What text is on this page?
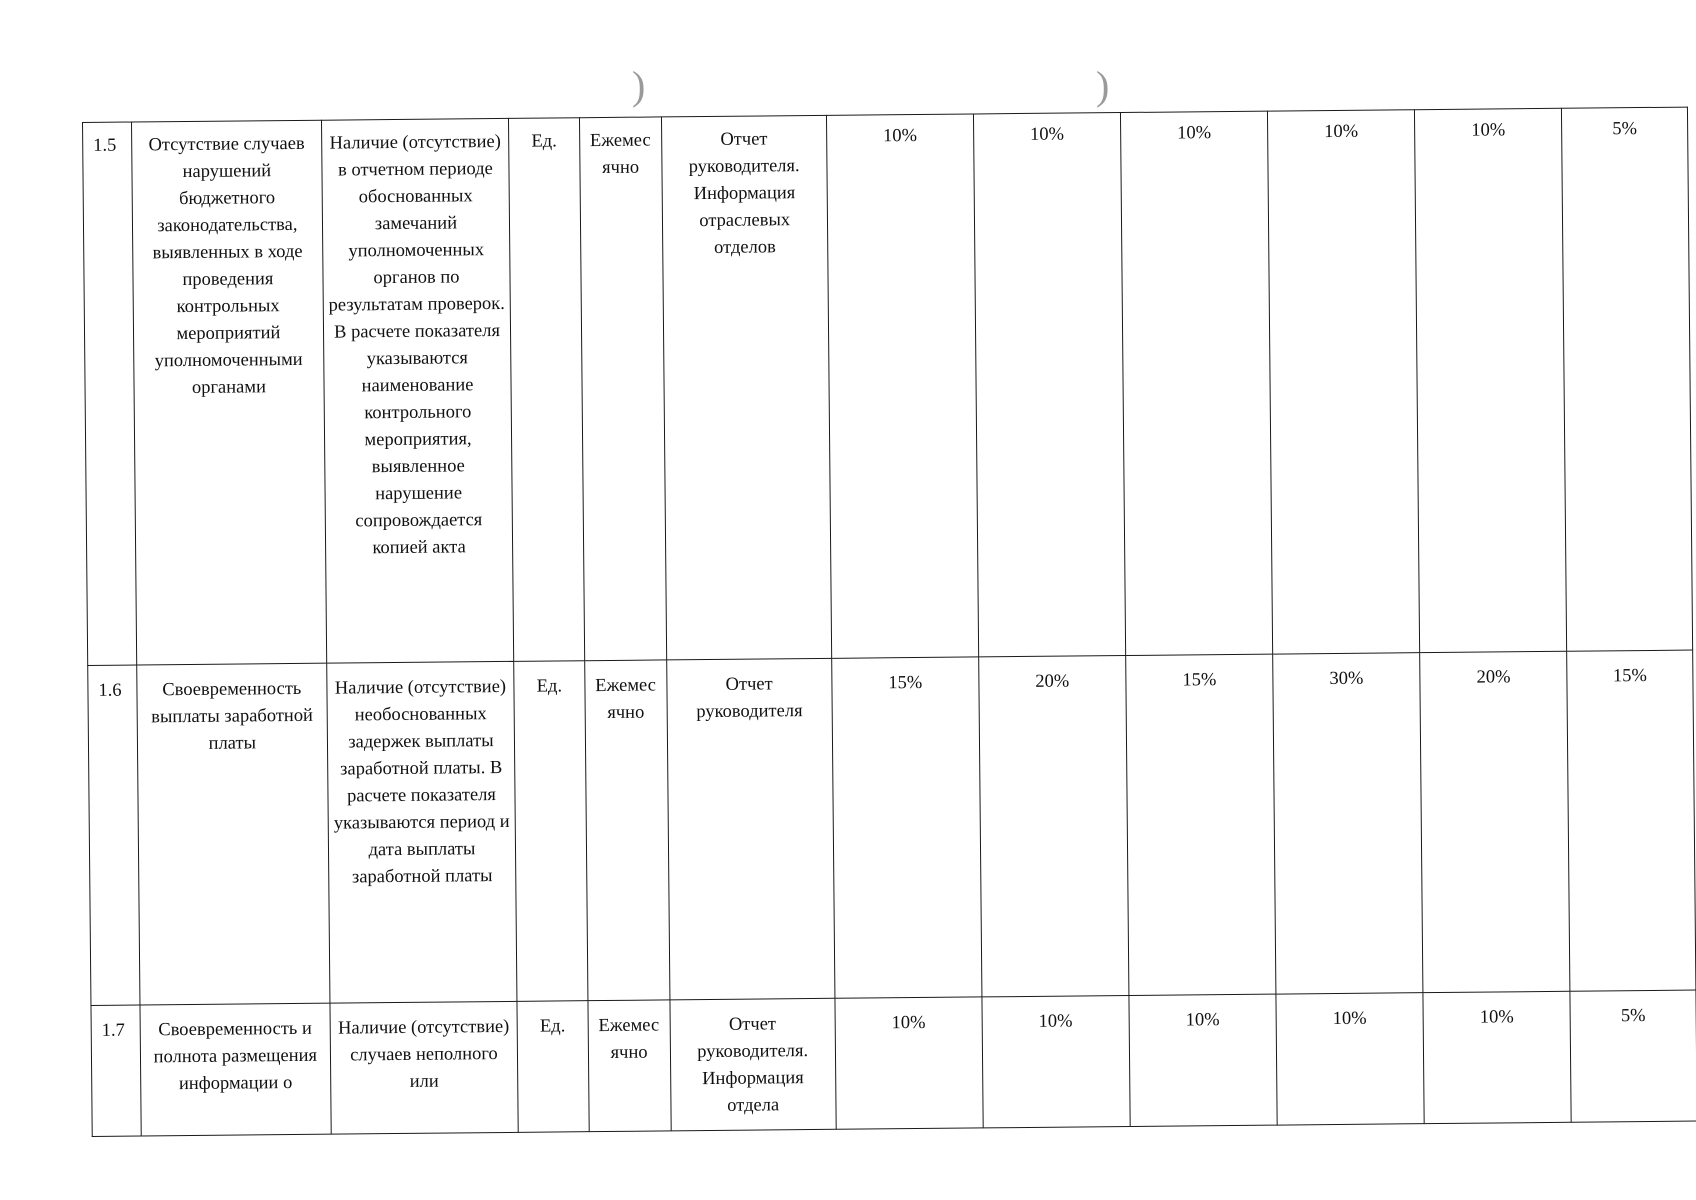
)	)
1.5	Отсутствие случаев нарушений бюджетного законодательства, выявленных в ходе проведения контрольных мероприятий уполномоченными органами	Наличие (отсутствие) в отчетном периоде обоснованных замечаний уполномоченных органов по результатам проверок. В расчете показателя указываются наименование контрольного мероприятия, выявленное нарушение сопровождается копией акта	Ед.	Ежемес ячно	Отчет руководителя. Информация отраслевых отделов	10%	10%	10%	10%	10%	5%
1.6	Своевременность выплаты заработной платы	Наличие (отсутствие) необоснованных задержек выплаты заработной платы. В расчете показателя указываются период и дата выплаты заработной платы	Ед.	Ежемес ячно	Отчет руководителя	15%	20%	15%	30%	20%	15%
1.7	Своевременность и полнота размещения информации о	Наличие (отсутствие) случаев неполного или	Ед.	Ежемес ячно	Отчет руководителя. Информация отдела	10%	10%	10%	10%	10%	5%
